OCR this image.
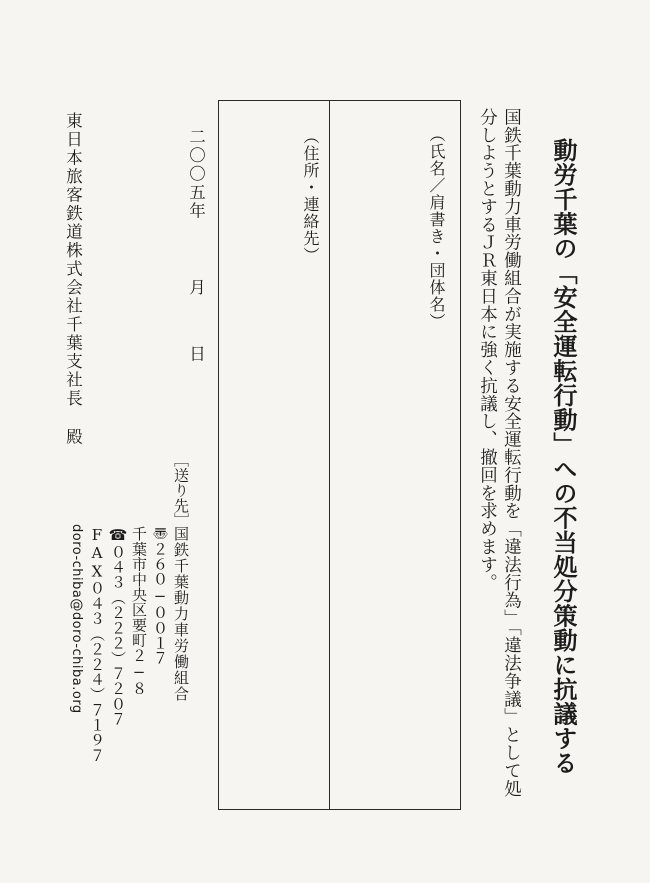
動労千葉の「安全運転行動」への不当処分策動に抗議する
国鉄千葉動力車労働組合が実施する安全運転行動を「違法行為」「違法争議」として処
分しようとするＪＲ東日本に強く抗議し、撤回を求めます。
（氏名／肩書き・団体名）
（住所・連絡先）
二〇〇五年月日
東日本旅客鉄道株式会社千葉支社長殿
［送り先］
国鉄千葉動力車労働組合
〠２６０−００１７
千葉市中央区要町２−８
☎０４３（２２２）７２０７
FAX０４３（２２４）７１９７
doro-chiba@doro-chiba.org
